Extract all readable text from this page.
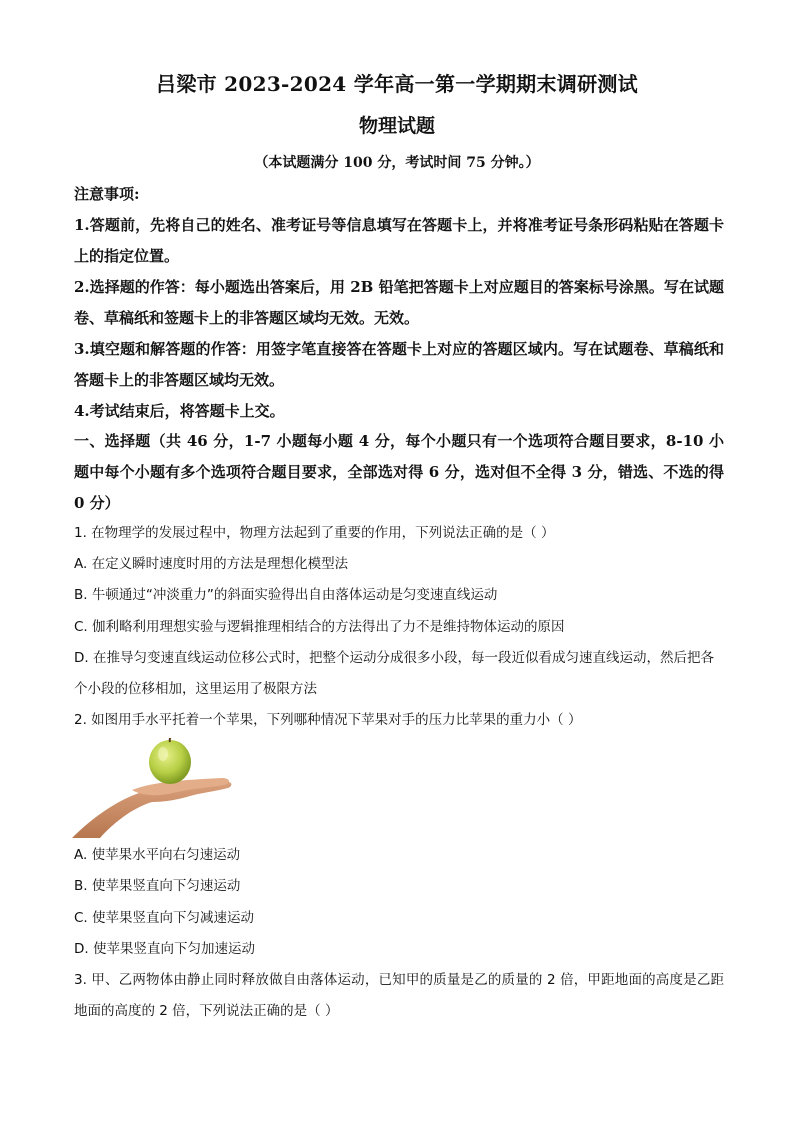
吕梁市 2023-2024 学年高一第一学期期末调研测试
物理试题
（本试题满分 100 分，考试时间 75 分钟。）

注意事项:

1.答题前，先将自己的姓名、准考证号等信息填写在答题卡上，并将准考证号条形码粘贴在答题卡上的指定位置。

2.选择题的作答：每小题选出答案后，用 2B 铅笔把答题卡上对应题目的答案标号涂黑。写在试题卷、草稿纸和签题卡上的非答题区域均无效。无效。

3.填空题和解答题的作答：用签字笔直接答在答题卡上对应的答题区域内。写在试题卷、草稿纸和答题卡上的非答题区域均无效。

4.考试结束后，将答题卡上交。

一、选择题（共 46 分，1-7 小题每小题 4 分，每个小题只有一个选项符合题目要求，8-10 小题中每个小题有多个选项符合题目要求，全部选对得 6 分，选对但不全得 3 分，错选、不选的得 0 分）
1. 在物理学的发展过程中，物理方法起到了重要的作用，下列说法正确的是（ ）
A. 在定义瞬时速度时用的方法是理想化模型法
B. 牛顿通过“冲淡重力”的斜面实验得出自由落体运动是匀变速直线运动
C. 伽利略利用理想实验与逻辑推理相结合的方法得出了力不是维持物体运动的原因
D. 在推导匀变速直线运动位移公式时，把整个运动分成很多小段，每一段近似看成匀速直线运动，然后把各个小段的位移相加，这里运用了极限方法
2. 如图用手水平托着一个苹果，下列哪种情况下苹果对手的压力比苹果的重力小（ ）
A. 使苹果水平向右匀速运动
B. 使苹果竖直向下匀速运动
C. 使苹果竖直向下匀减速运动
D. 使苹果竖直向下匀加速运动
3. 甲、乙两物体由静止同时释放做自由落体运动，已知甲的质量是乙的质量的 2 倍，甲距地面的高度是乙距地面的高度的 2 倍，下列说法正确的是（ ）
